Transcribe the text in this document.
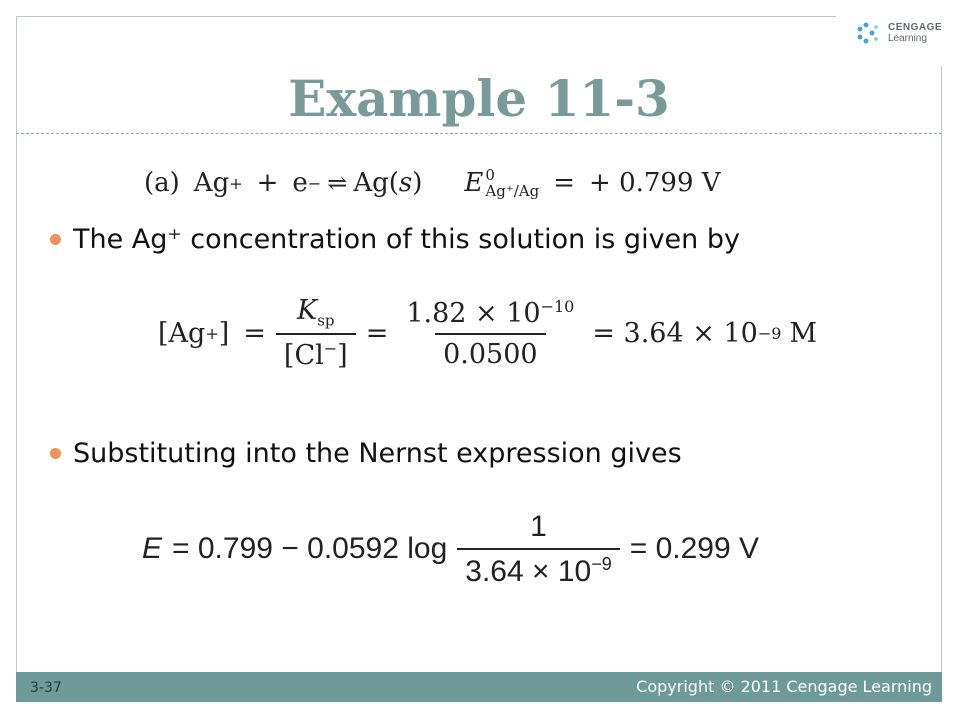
CENGAGE
Learning
Example 11-3
(a) Ag + + e − ⇌ Ag( s ) E 0
Ag⁺/Ag = + 0.799 V
The Ag⁺ concentration of this solution is given by
[Ag + ] = $\frac{K_{sp}}{[Cl^-]} = \frac{1.82 \times 10^{-10}}{0.0500} = 3.64 \times 10 -9$ M
Substituting into the Nernst expression gives
E = 0.799 − 0.0592 $\log \frac{1}{3.64 \times 10^{-9}} = 0.299$ V
3-37	Copyright © 2011 Cengage Learning
